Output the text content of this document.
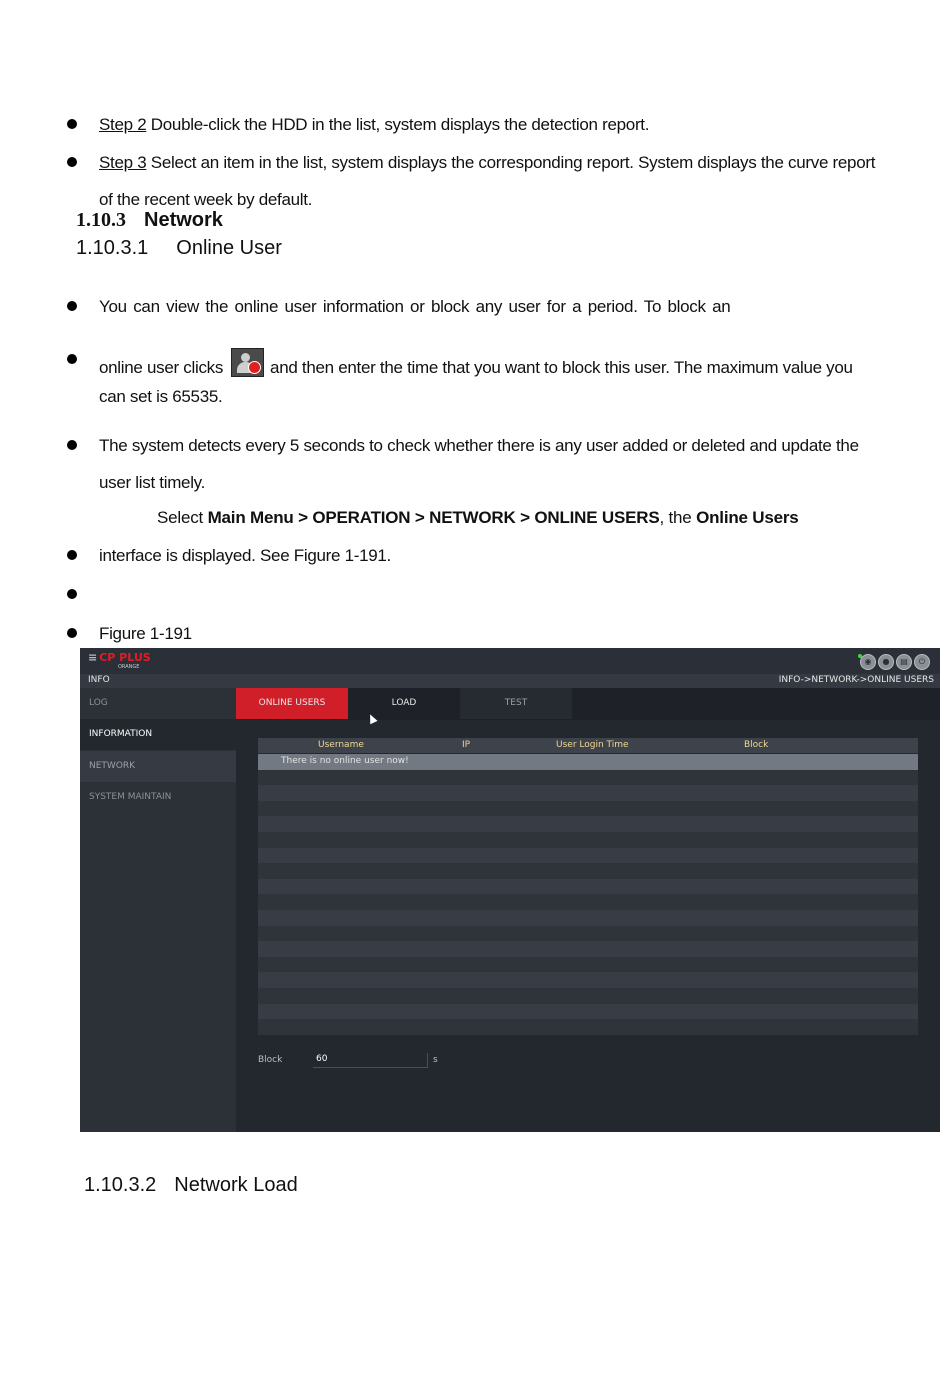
Step 2 Double-click the HDD in the list, system displays the detection report.
Step 3 Select an item in the list, system displays the corresponding report. System displays the curve report
of the recent week by default.
1.10.3 Network
1.10.3.1 Online User
You can view the online user information or block any user for a period. To block an
online user clicks	and then enter the time that you want to block this user. The maximum value you
can set is 65535.
The system detects every 5 seconds to check whether there is any user added or deleted and update the
user list timely.
Select Main Menu > OPERATION > NETWORK > ONLINE USERS, the Online Users
interface is displayed. See Figure 1-191.
Figure 1-191
≡ CP PLUS
ORANGE
◉	●	▤	⏻
INFO	INFO->NETWORK->ONLINE USERS
LOG
INFORMATION
NETWORK
SYSTEM MAINTAIN
ONLINE USERS	LOAD	TEST
Username	IP	User Login Time	Block
There is no online user now!
Block	60	s
1.10.3.2 Network Load
